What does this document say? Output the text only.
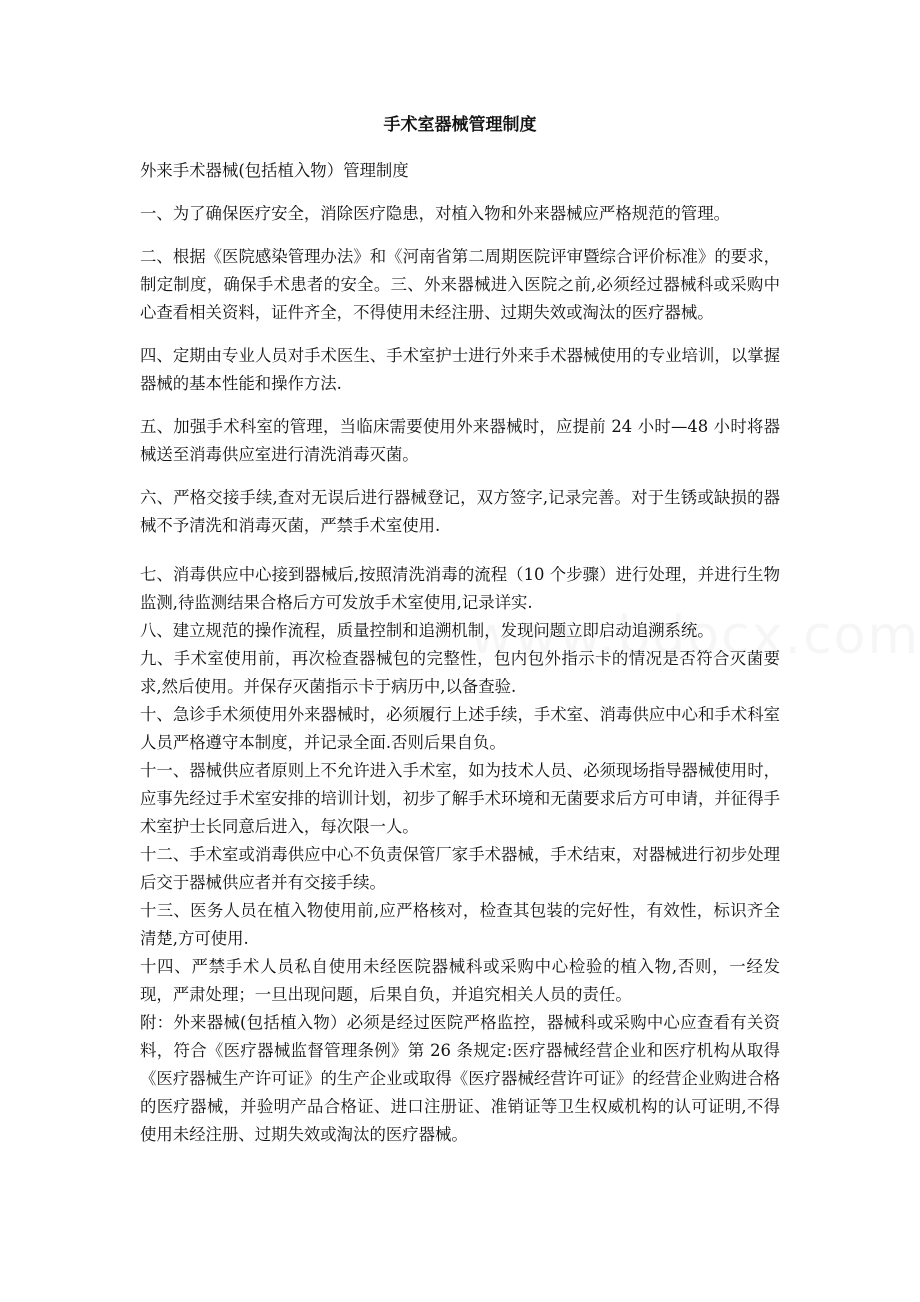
手术室器械管理制度

外来手术器械(包括植入物）管理制度

一、为了确保医疗安全，消除医疗隐患，对植入物和外来器械应严格规范的管理。

二、根据《医院感染管理办法》和《河南省第二周期医院评审暨综合评价标准》的要求，制定制度，确保手术患者的安全。三、外来器械进入医院之前,必须经过器械科或采购中心查看相关资料，证件齐全，不得使用未经注册、过期失效或淘汰的医疗器械。

四、定期由专业人员对手术医生、手术室护士进行外来手术器械使用的专业培训，以掌握器械的基本性能和操作方法.

五、加强手术科室的管理，当临床需要使用外来器械时，应提前 24 小时—48 小时将器械送至消毒供应室进行清洗消毒灭菌。

六、严格交接手续,查对无误后进行器械登记，双方签字,记录完善。对于生锈或缺损的器械不予清洗和消毒灭菌，严禁手术室使用.

七、消毒供应中心接到器械后,按照清洗消毒的流程（10 个步骤）进行处理，并进行生物监测,待监测结果合格后方可发放手术室使用,记录详实.

八、建立规范的操作流程，质量控制和追溯机制，发现问题立即启动追溯系统。

九、手术室使用前，再次检查器械包的完整性，包内包外指示卡的情况是否符合灭菌要求,然后使用。并保存灭菌指示卡于病历中,以备查验.

十、急诊手术须使用外来器械时，必须履行上述手续，手术室、消毒供应中心和手术科室人员严格遵守本制度，并记录全面.否则后果自负。

十一、器械供应者原则上不允许进入手术室，如为技术人员、必须现场指导器械使用时，应事先经过手术室安排的培训计划，初步了解手术环境和无菌要求后方可申请，并征得手术室护士长同意后进入，每次限一人。

十二、手术室或消毒供应中心不负责保管厂家手术器械，手术结束，对器械进行初步处理后交于器械供应者并有交接手续。

十三、医务人员在植入物使用前,应严格核对，检查其包装的完好性，有效性，标识齐全清楚,方可使用.

十四、严禁手术人员私自使用未经医院器械科或采购中心检验的植入物,否则，一经发现，严肃处理；一旦出现问题，后果自负，并追究相关人员的责任。

附：外来器械(包括植入物）必须是经过医院严格监控，器械科或采购中心应查看有关资料，符合《医疗器械监督管理条例》第 26 条规定:医疗器械经营企业和医疗机构从取得《医疗器械生产许可证》的生产企业或取得《医疗器械经营许可证》的经营企业购进合格的医疗器械，并验明产品合格证、进口注册证、准销证等卫生权威机构的认可证明,不得使用未经注册、过期失效或淘汰的医疗器械。
